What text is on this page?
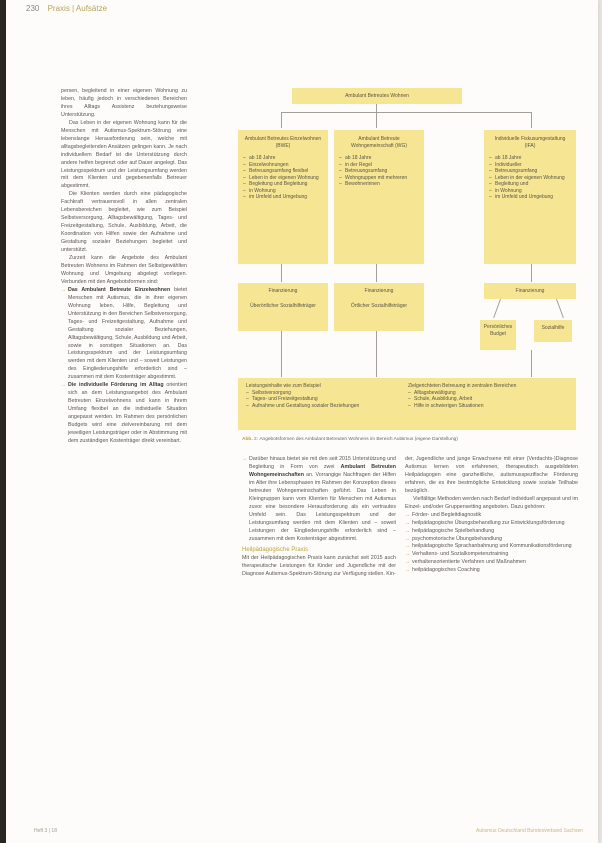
230 Praxis | Aufsätze

persen, begleitend in einer eigenen Wohnung zu leben, häufig jedoch in verschiedenen Bereichen ihres Alltags Assistenz beziehungsweise Unterstützung.

Das Leben in der eigenen Wohnung kann für die Menschen mit Autismus-Spektrum-Störung eine lebenslange Herausforderung sein, welche mit alltagsbegleitenden Ansätzen gelingen kann. Je nach individuellem Bedarf ist die Unterstützung durch andere helfen begrenzt oder auf Dauer angelegt. Das Leistungsspektrum und der Leistungsumfang werden mit dem Klienten und gegebenenfalls Betreuer abgestimmt.

Die Klienten werden durch eine pädagogische Fachkraft vertrauensvoll in allen zentralen Lebensbereichen begleitet, wie zum Beispiel Selbstversorgung, Alltagsbewältigung, Tages- und Freizeitgestaltung, Schule, Ausbildung, Arbeit, die Koordination von Hilfen sowie der Aufnahme und Gestaltung sozialer Beziehungen begleitet und unterstützt.

Zurzeit kann die Angebote des Ambulant Betreuten Wohnens im Rahmen der Selbstgewählten Wohnung und Umgebung abgelegt vorliegen. Verbunden mit den Angebotsformen sind:

→ Das Ambulant Betreute Einzelwohnen bietet Menschen mit Autismus, die in ihrer eigenen Wohnung leben, Hilfe, Begleitung und Unterstützung in den Bereichen Selbstversorgung, Tages- und Freizeitgestaltung, Aufnahme und Gestaltung sozialer Beziehungen, Alltagsbewältigung, Schule, Ausbildung und Arbeit, sowie in sonstigen Situationen an. Das Leistungsspektrum und der Leistungsumfang werden mit dem Klienten und – soweit Leistungen des Eingliederungshilfe erforderlich sind – zusammen mit dem Kostenträger abgestimmt.
→ Die individuelle Förderung im Alltag orientiert sich an dem Leistungsangebot des Ambulant Betreuten Einzelwohnens und kann in ihrem Umfang flexibel an die individuelle Situation angepasst werden. Im Rahmen des persönlichen Budgets wird eine zielvereinbarung mit dem jeweiligen Leistungsträger oder in Abstimmung mit dem zuständigen Kostenträger direkt vereinbart.
Ambulant Betreutes Wohnen
Ambulant Betreutes Einzelwohnen (BWE)
– ab 18 Jahre
– Einzelwohnungen
– Betreuungsumfang flexibel
– Leben in der eigenen Wohnung
– Begleitung und Begleitung
– in Wohnung
– im Umfeld und Umgebung
Ambulant Betreute Wohngemeinschaft (WG)
– ab 18 Jahre
– in der Regel
– Betreuungsumfang
– Wohngruppen mit mehreren
– Bewohnerinnen
Individuelle Fiskusumgestaltung (IFA)
– ab 18 Jahre
– Individueller
– Betreuungsumfang
– Leben in der eigenen Wohnung
– Begleitung und
– in Wohnung
– im Umfeld und Umgebung
Finanzierung
Überörtlicher Sozialhilfeträger
Finanzierung
Örtlicher Sozialhilfeträger
Finanzierung
Persönliches Budget
Sozialhilfe
Leistungsinhalte wie zum Beispiel
– Selbstversorgung
– Tages- und Freizeitgestaltung
– Aufnahme und Gestaltung sozialer Beziehungen
Zielgerichteten Betreuung in zentralen Bereichen
– Alltagsbewältigung
– Schule, Ausbildung, Arbeit
– Hilfe in schwierigen Situationen
Abb. 2: Angebotsformen des Ambulant Betreuten Wohnens im Bereich Autismus (eigene Darstellung)
→ Darüber hinaus bietet sie mit den seit 2015 Unterstützung und Begleitung in Form von zwei Ambulant Betreuten Wohngemeinschaften an. Vorrangige Nachfragen der Hilfen im Alter ihre Lebensphasen im Rahmen der Konzeption dieses betreuten Wohngemeinschaften geführt. Das Leben in Kleingruppen kann vom Klienten für Menschen mit Autismus zuvor eine besondere Herausforderung als ein vertrautes Umfeld sein. Das Leistungsspektrum und der Leistungsumfang werden mit dem Klienten und – soweit Leistungen der Eingliederungshilfe erforderlich sind – zusammen mit dem Kostenträger abgestimmt.

Heilpädagogische Praxis

Mit der Heilpädagogischen Praxis kann zunächst seit 2015 auch therapeutische Leistungen für Kinder und Jugendliche mit der Diagnose Autismus-Spektrum-Störung zur Verfügung stellen. Kin-

der, Jugendliche und junge Erwachsene mit einer (Verdachts-)Diagnose Autismus lernen von erfahrenen, therapeutisch ausgebildeten Heilpädagogen eine ganzheitliche, autismusspezifische Förderung erfahren, die es ihre bestmögliche Entwicklung sowie soziale Teilhabe bezüglich.

Vielfältige Methoden werden nach Bedarf individuell angepasst und im Einzel- und/oder Gruppensetting angeboten. Dazu gehören:

→ Förder- und Begleitdiagnostik
→ heilpädagogische Übungsbehandlung zur Entwicklungsförderung
→ heilpädagogische Spielbehandlung
→ psychomotorische Übungsbehandlung
→ heilpädagogische Sprachanbahnung und Kommunikationsförderung
→ Verhaltens- und Sozialkompetenztraining
→ verhaltensorientierte Verfahren und Maßnahmen
→ heilpädagogisches Coaching
Heft 3 | 18	Autismus Deutschland Bundesverband Sachsen
